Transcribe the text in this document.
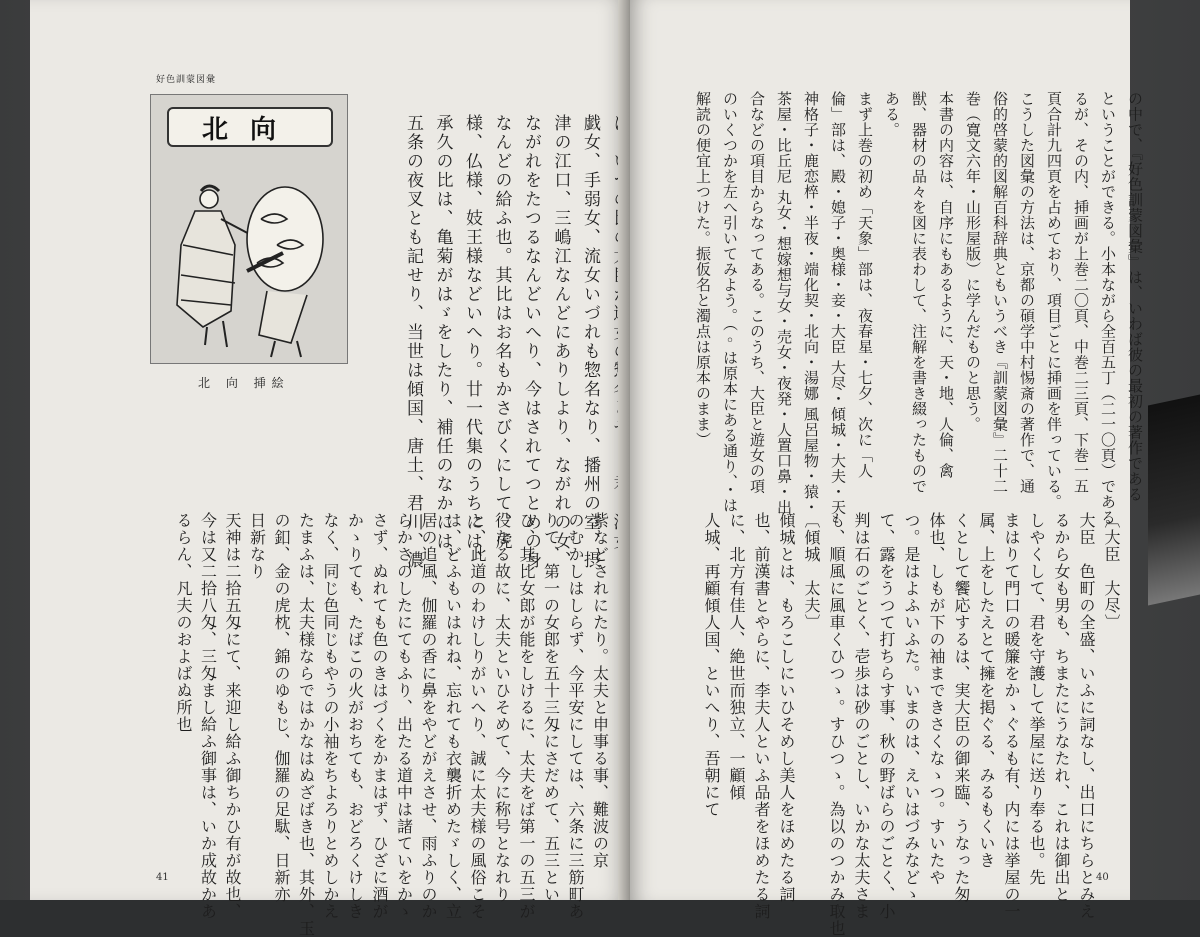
好色訓蒙図彙
北向
北 向 挿絵

	戯女、手弱女、流女いづれも惣名なり、播州の室、摂
津の江口、三嶋江なんどにありしより、ながれの女、
ながれをたつるなんどいへり、今はされてつとめの身
なんどの給ふ也。其比はお名もかさびくにして、虎
様、仏様、妓王様などいへり。廿一代集のうちには、
承久の比は、亀菊がはゞをしたり、補任のなかには、
五条の夜叉とも記せり、当世は傾国、唐土、君川、濃

紫などされにたり。太夫と申事る事、難波の京
のむかしはしらず、今平安にしては、六条に三筋町あ
りて、第一の女郎を五十三匁にさだめて、五三とい
ひ、其比女郎が能をしけるに、太夫をば第一の五三が
役なる故に、太夫といひそめて、今に称号となれり
と、此道のわけしりがいへり、誠に太夫様の風俗こそ
は、どふもいはれね、忘れても衣襲折めたゞしく、立
居の追風、伽羅の香に鼻をやどがえさせ、雨ふりのか
らかさのしたにてもふり、出たる道中は諸ていをかゝ
さず、ぬれても色のきはづくをかまはず、ひざに酒が
かゝりても、たばこの火がおちても、おどろくけしき
なく、同じ色同じもやうの小袖をちよろりとめしかえ
たまふは、太夫様ならではかなはぬざばき也、其外、玉
の釦、金の虎枕、錦のゆもじ、伽羅の足駄、日新亦
日新なり
天神は二拾五匁にて、来迎し給ふ御ちかひ有が故也、
今は又二拾八匁、三匁まし給ふ御事は、いか成故かあ
るらん、凡夫のおよばぬ所也

41

の中で、『好色訓蒙図彙』は、いわば彼の最初の著作である
ということができる。小本ながら全百五丁（二一〇頁）である
るが、その内、挿画が上巻二〇頁、中巻二三頁、下巻一五
頁合計九四頁を占めており、項目ごとに挿画を伴っている。
こうした図彙の方法は、京都の碩学中村惕斎の著作で、通
俗的啓蒙的図解百科辞典ともいうべき『訓蒙図彙』二十二
巻（寛文六年・山形屋版）に学んだものと思う。
本書の内容は、自序にもあるように、天・地、人倫、禽
獣、器材の品々を図に表わして、注解を書き綴ったもので
ある。
まず上巻の初め「天象」部は、夜春星・七夕、次に「人
倫」部は、殿・媳子・奥様・妾・大臣 大尽・傾城・大夫・天
神格子・鹿恋椊・半夜・端化契・北向・湯娜 風呂屋物・猿・
茶屋・比丘尼 丸女・想嫁想与女・売女・夜発・人置口鼻・出
合などの項目からなってある。このうち、大臣と遊女の項
のいくつかを左へ引いてみよう。（◦は原本にある通り、・は
解読の便宜上つけた。振仮名と濁点は原本のまま）

〔大臣　大尽〕
大臣　色町の全盛、いふに詞なし、出口にちらとみえ
るから女も男も、ちまたにうなたれ、これは御出と
しやくして、君を守護して挙屋に送り奉る也。先
まはりて門口の暖簾をかゝぐるも有、内には挙屋の一
属、上をしたえとて擁を掲ぐる、みるもくいき
くとして饗応するは、実大臣の御来臨、うなった匆
体也、しもが下の袖まできさくなゝつ。すいたや
つ。是はよふいふた。いまのは、えいはづみなどゝ
て、露をうつて打ちらす事、秋の野ばらのごとく、小
判は石のごとく、壱歩は砂のごとし、いかな太夫さま
も、順風に風車くひつゝ。すひつゝ。為以のつかみ取也
〔傾城　太夫〕
傾城とは、もろこしにいひそめし美人をほめたる詞
也、前漢書とやらに、李夫人といふ品者をほめたる詞
に、北方有佳人、絶世而独立、一顧傾
人城、再顧傾人国、といへり、吾朝にて

40
